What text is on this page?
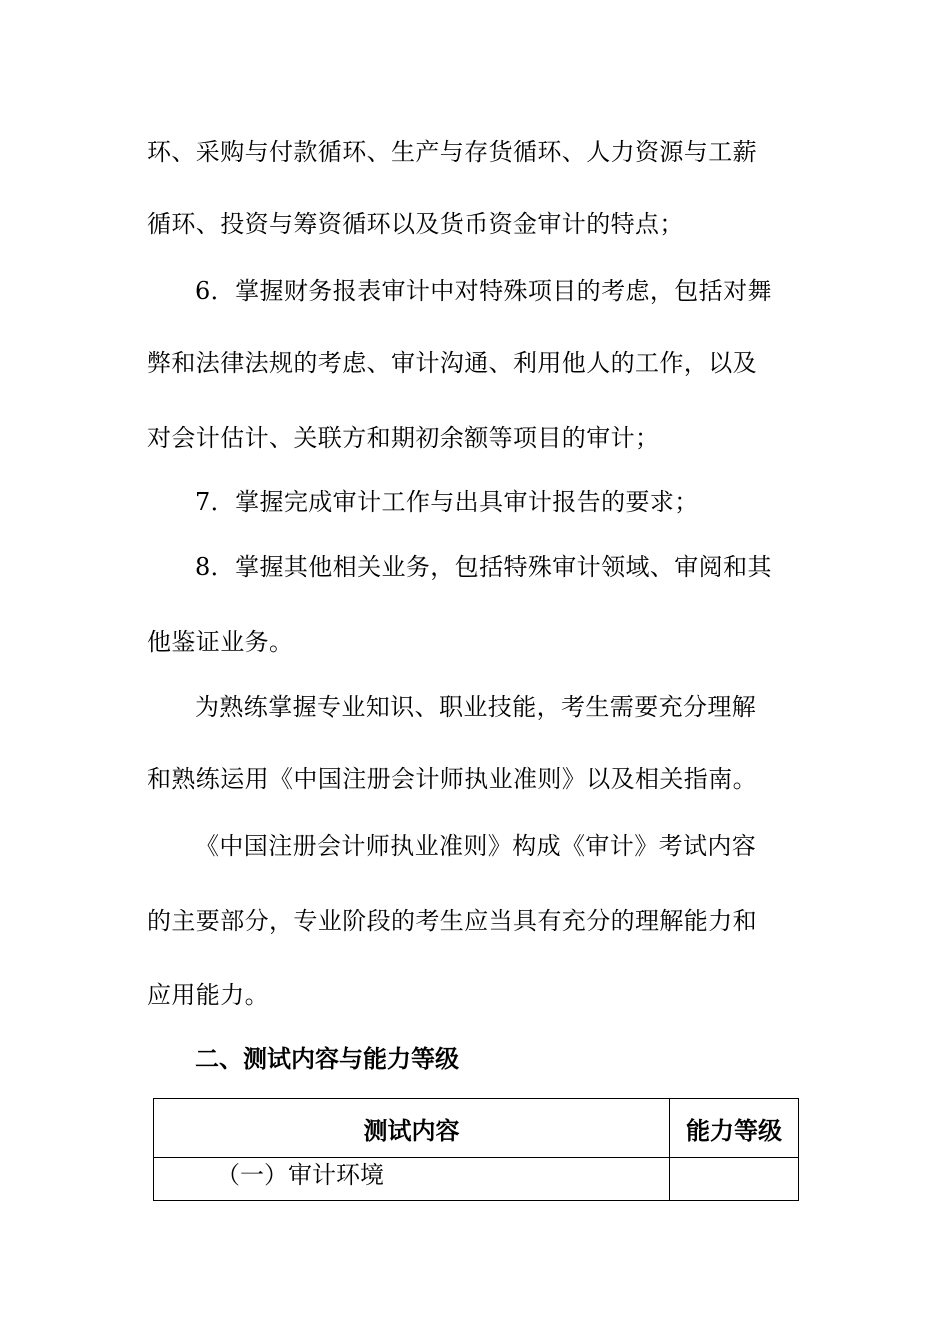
环、采购与付款循环、生产与存货循环、人力资源与工薪
循环、投资与筹资循环以及货币资金审计的特点；
6．掌握财务报表审计中对特殊项目的考虑，包括对舞
弊和法律法规的考虑、审计沟通、利用他人的工作，以及
对会计估计、关联方和期初余额等项目的审计；
7．掌握完成审计工作与出具审计报告的要求；
8．掌握其他相关业务，包括特殊审计领域、审阅和其
他鉴证业务。
为熟练掌握专业知识、职业技能，考生需要充分理解
和熟练运用《中国注册会计师执业准则》以及相关指南。
《中国注册会计师执业准则》构成《审计》考试内容
的主要部分，专业阶段的考生应当具有充分的理解能力和
应用能力。
二、测试内容与能力等级
测试内容	能力等级
（一）审计环境	
